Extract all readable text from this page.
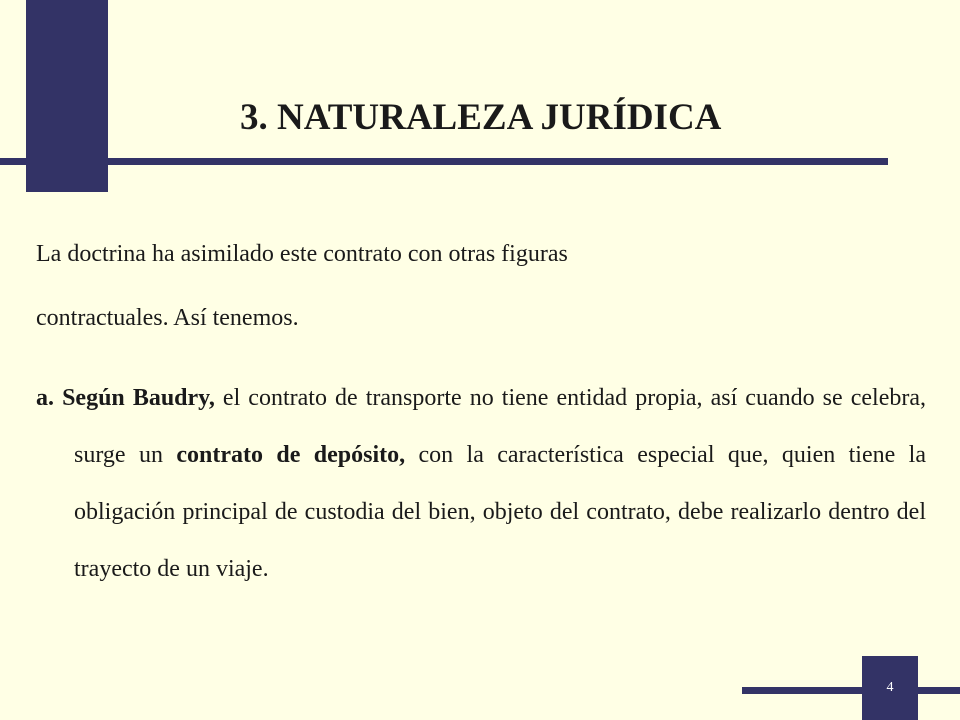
3. NATURALEZA JURÍDICA
La doctrina ha asimilado este contrato con otras figuras
contractuales. Así tenemos.
a. Según Baudry, el contrato de transporte no tiene entidad propia, así cuando se celebra, surge un contrato de depósito, con la característica especial que, quien tiene la obligación principal de custodia del bien, objeto del contrato, debe realizarlo dentro del trayecto de un viaje.
4
